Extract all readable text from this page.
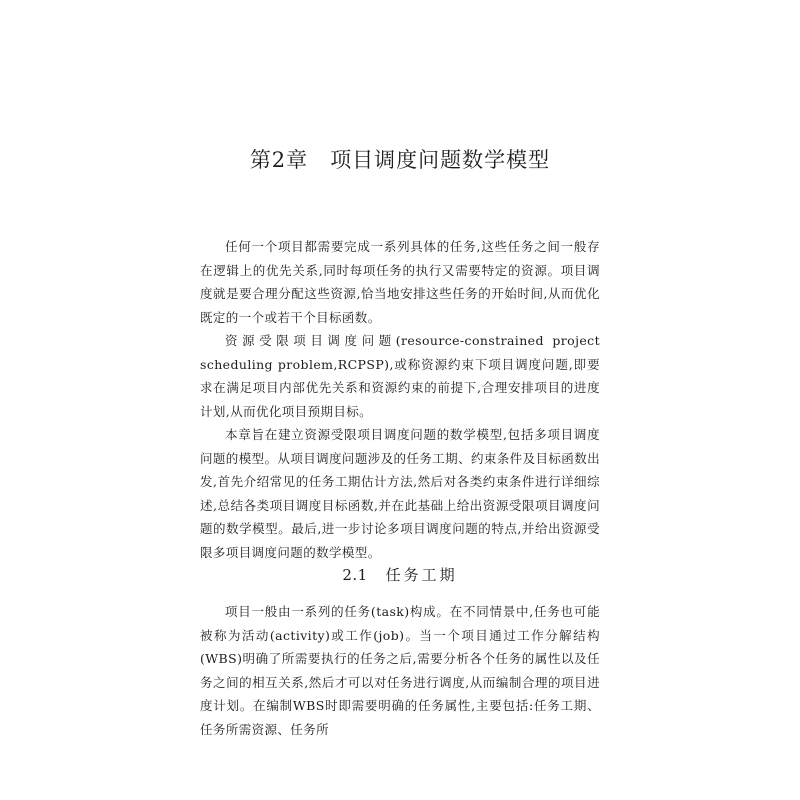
第2章 项目调度问题数学模型

任何一个项目都需要完成一系列具体的任务,这些任务之间一般存在逻辑上的优先关系,同时每项任务的执行又需要特定的资源。项目调度就是要合理分配这些资源,恰当地安排这些任务的开始时间,从而优化既定的一个或若干个目标函数。

资源受限项目调度问题(resource-constrained project scheduling problem,RCPSP),或称资源约束下项目调度问题,即要求在满足项目内部优先关系和资源约束的前提下,合理安排项目的进度计划,从而优化项目预期目标。

本章旨在建立资源受限项目调度问题的数学模型,包括多项目调度问题的模型。从项目调度问题涉及的任务工期、约束条件及目标函数出发,首先介绍常见的任务工期估计方法,然后对各类约束条件进行详细综述,总结各类项目调度目标函数,并在此基础上给出资源受限项目调度问题的数学模型。最后,进一步讨论多项目调度问题的特点,并给出资源受限多项目调度问题的数学模型。

2.1 任务工期

项目一般由一系列的任务(task)构成。在不同情景中,任务也可能被称为活动(activity)或工作(job)。当一个项目通过工作分解结构(WBS)明确了所需要执行的任务之后,需要分析各个任务的属性以及任务之间的相互关系,然后才可以对任务进行调度,从而编制合理的项目进度计划。在编制WBS时即需要明确的任务属性,主要包括:任务工期、任务所需资源、任务所
